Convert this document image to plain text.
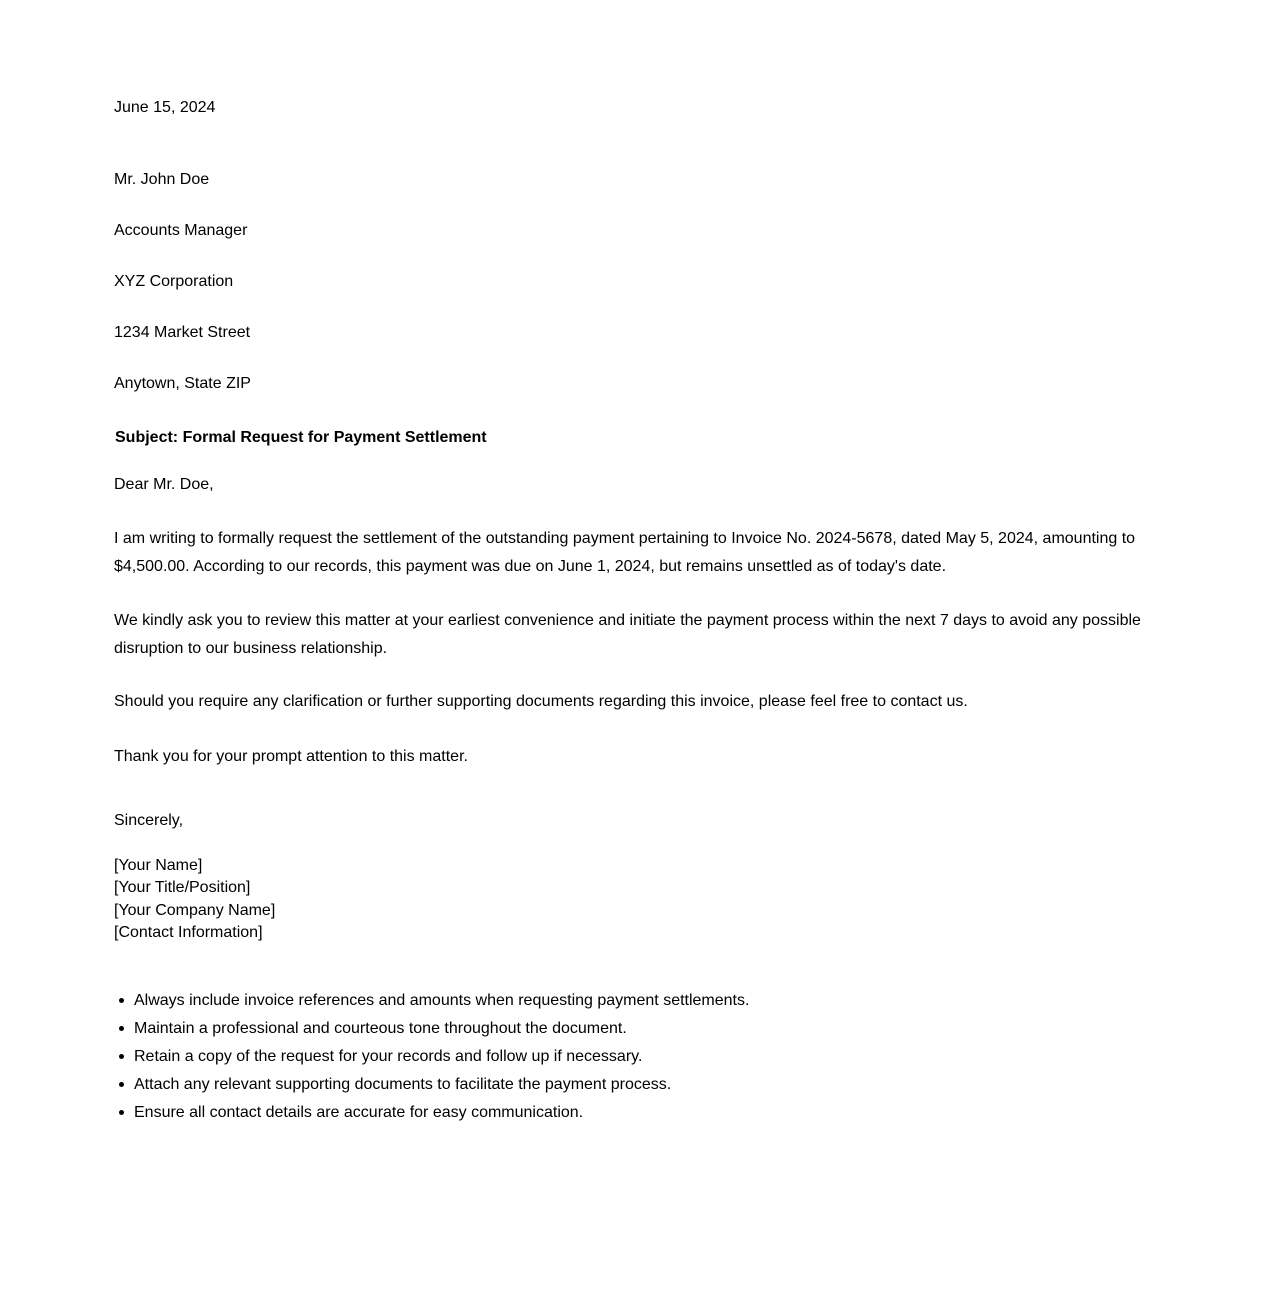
June 15, 2024
Mr. John Doe
Accounts Manager
XYZ Corporation
1234 Market Street
Anytown, State ZIP
Subject: Formal Request for Payment Settlement
Dear Mr. Doe,
I am writing to formally request the settlement of the outstanding payment pertaining to Invoice No. 2024-5678, dated May 5, 2024, amounting to $4,500.00. According to our records, this payment was due on June 1, 2024, but remains unsettled as of today's date.
We kindly ask you to review this matter at your earliest convenience and initiate the payment process within the next 7 days to avoid any possible disruption to our business relationship.
Should you require any clarification or further supporting documents regarding this invoice, please feel free to contact us.
Thank you for your prompt attention to this matter.
Sincerely,
[Your Name]
[Your Title/Position]
[Your Company Name]
[Contact Information]
Always include invoice references and amounts when requesting payment settlements.
Maintain a professional and courteous tone throughout the document.
Retain a copy of the request for your records and follow up if necessary.
Attach any relevant supporting documents to facilitate the payment process.
Ensure all contact details are accurate for easy communication.
